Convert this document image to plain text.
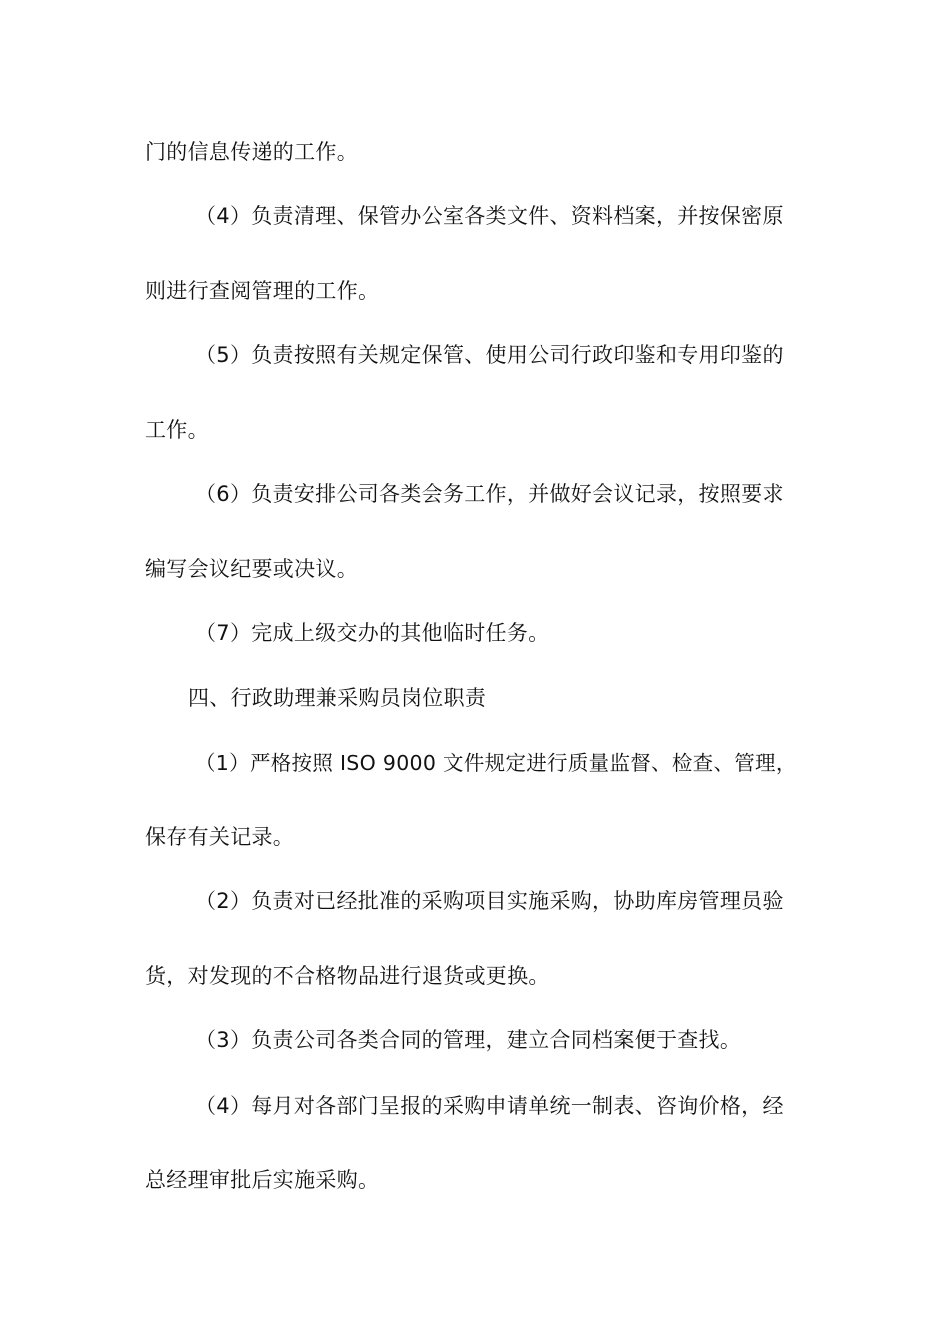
门的信息传递的工作。
（4）负责清理、保管办公室各类文件、资料档案，并按保密原
则进行查阅管理的工作。
（5）负责按照有关规定保管、使用公司行政印鉴和专用印鉴的
工作。
（6）负责安排公司各类会务工作，并做好会议记录，按照要求
编写会议纪要或决议。
（7）完成上级交办的其他临时任务。
四、行政助理兼采购员岗位职责
（1）严格按照 ISO 9000 文件规定进行质量监督、检查、管理，
保存有关记录。
（2）负责对已经批准的采购项目实施采购，协助库房管理员验
货，对发现的不合格物品进行退货或更换。
（3）负责公司各类合同的管理，建立合同档案便于查找。
（4）每月对各部门呈报的采购申请单统一制表、咨询价格，经
总经理审批后实施采购。
